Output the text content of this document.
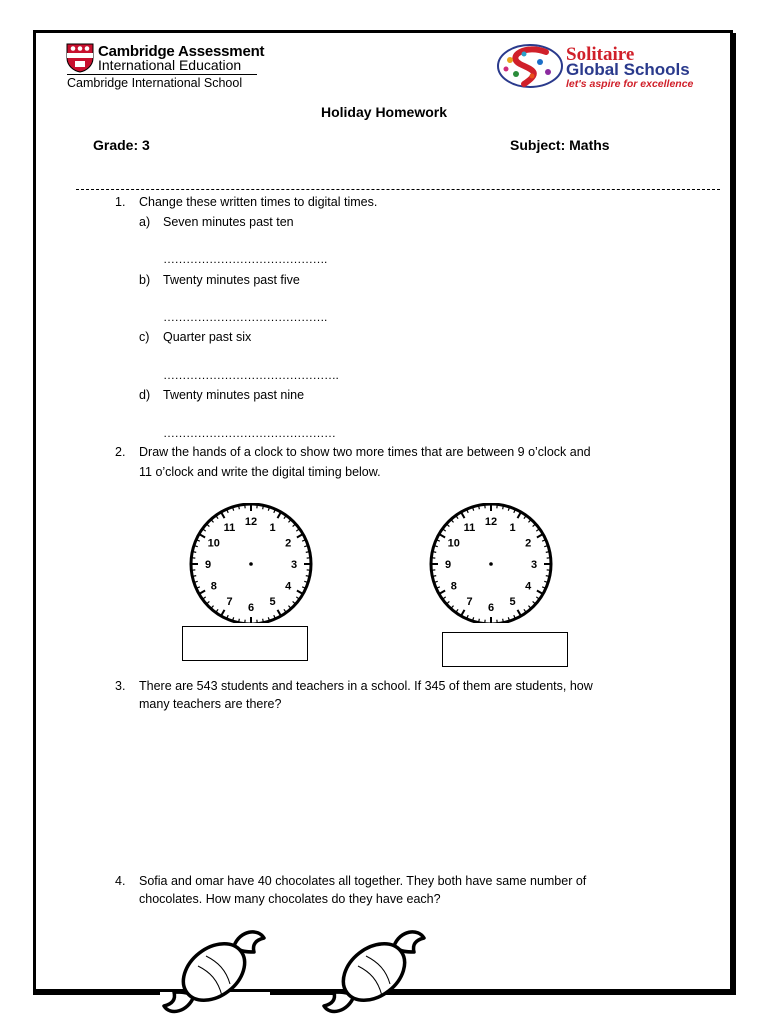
Cambridge Assessment
International Education
Cambridge International School
Solitaire
Global Schools
let's aspire for excellence
Holiday Homework
Grade: 3	Subject: Maths
1. Change these written times to digital times.
a) Seven minutes past ten
…………………………………….
b) Twenty minutes past five
…………………………………….
c) Quarter past six
……………………………………….
d) Twenty minutes past nine
………………………………………
2. Draw the hands of a clock to show two more times that are between 9 o’clock and
11 o’clock and write the digital timing below.
12 1
2
3
4
5
6
7
8
9
10
11	12 1
2
3
4
5
6
7
8
9
10
11
3. There are 543 students and teachers in a school. If 345 of them are students, how
many teachers are there?
4. Sofia and omar have 40 chocolates all together. They both have same number of
chocolates. How many chocolates do they have each?
